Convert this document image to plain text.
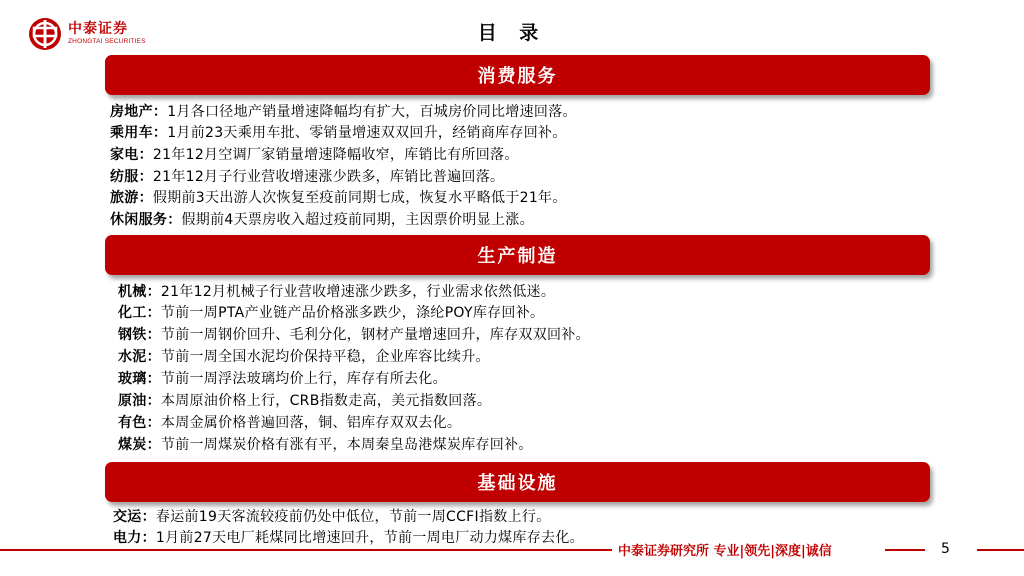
中泰证券
ZHONGTAI SECURITIES	目 录
消费服务
房地产：1月各口径地产销量增速降幅均有扩大，百城房价同比增速回落。
乘用车：1月前23天乘用车批、零销量增速双双回升，经销商库存回补。
家电：21年12月空调厂家销量增速降幅收窄，库销比有所回落。
纺服：21年12月子行业营收增速涨少跌多，库销比普遍回落。
旅游：假期前3天出游人次恢复至疫前同期七成，恢复水平略低于21年。
休闲服务：假期前4天票房收入超过疫前同期，主因票价明显上涨。
生产制造
机械：21年12月机械子行业营收增速涨少跌多，行业需求依然低迷。
化工：节前一周PTA产业链产品价格涨多跌少，涤纶POY库存回补。
钢铁：节前一周钢价回升、毛利分化，钢材产量增速回升，库存双双回补。
水泥：节前一周全国水泥均价保持平稳，企业库容比续升。
玻璃：节前一周浮法玻璃均价上行，库存有所去化。
原油：本周原油价格上行，CRB指数走高，美元指数回落。
有色：本周金属价格普遍回落，铜、铝库存双双去化。
煤炭：节前一周煤炭价格有涨有平，本周秦皇岛港煤炭库存回补。
基础设施
交运：春运前19天客流较疫前仍处中低位，节前一周CCFI指数上行。
电力：1月前27天电厂耗煤同比增速回升，节前一周电厂动力煤库存去化。
中泰证券研究所 专业|领先|深度|诚信	5
